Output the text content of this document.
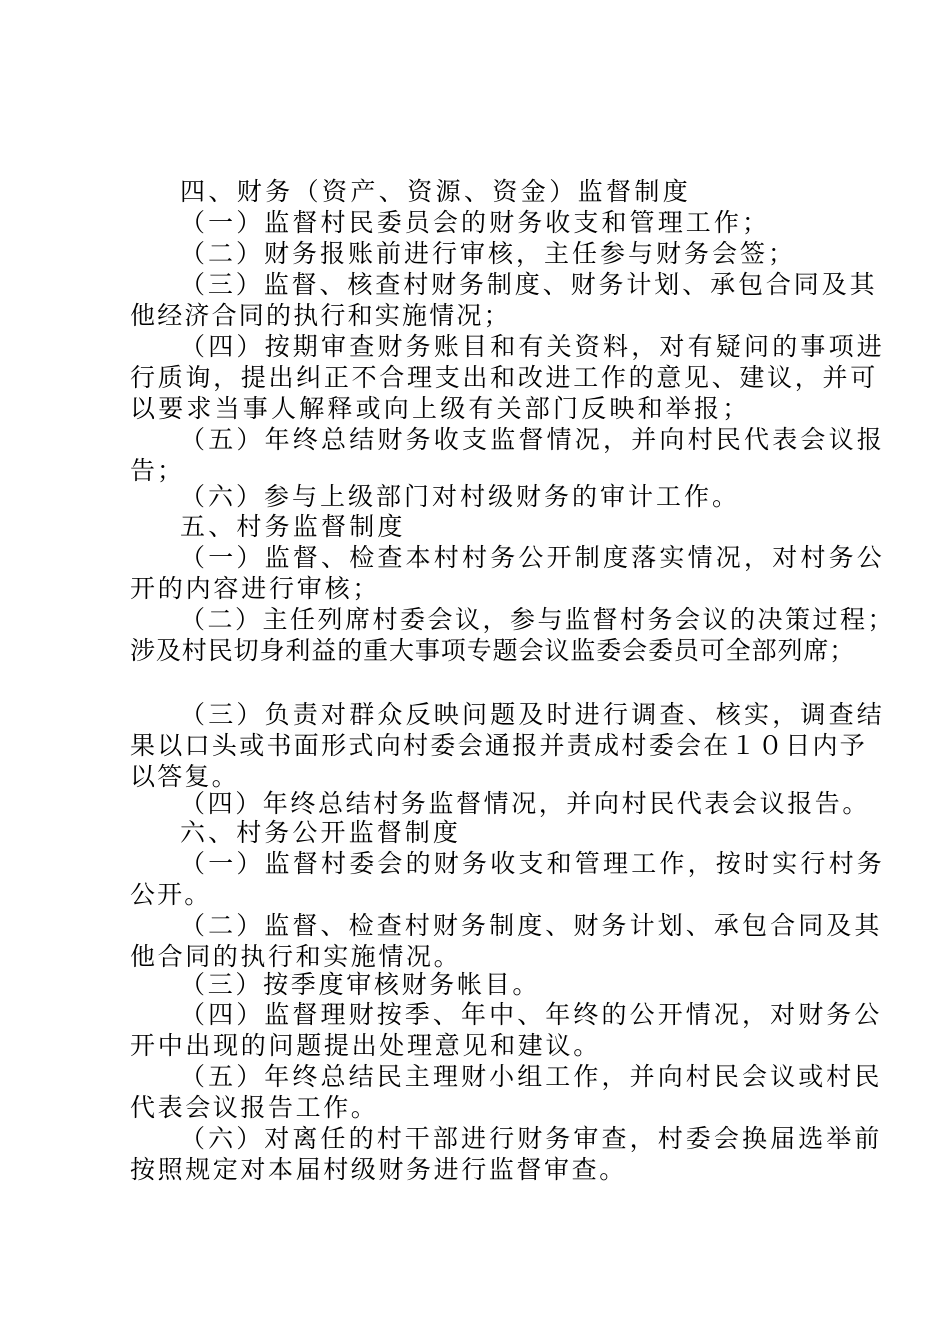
四、财务（资产、资源、资金）监督制度

（一）监督村民委员会的财务收支和管理工作；

（二）财务报账前进行审核，主任参与财务会签；

（三）监督、核查村财务制度、财务计划、承包合同及其

他经济合同的执行和实施情况；

（四）按期审查财务账目和有关资料，对有疑问的事项进

行质询，提出纠正不合理支出和改进工作的意见、建议，并可

以要求当事人解释或向上级有关部门反映和举报；

（五）年终总结财务收支监督情况，并向村民代表会议报

告；

（六）参与上级部门对村级财务的审计工作。

五、村务监督制度

（一）监督、检查本村村务公开制度落实情况，对村务公

开的内容进行审核；

（二）主任列席村委会议，参与监督村务会议的决策过程；

涉及村民切身利益的重大事项专题会议监委会委员可全部列席；

（三）负责对群众反映问题及时进行调查、核实，调查结

果以口头或书面形式向村委会通报并责成村委会在１０日内予

以答复。

（四）年终总结村务监督情况，并向村民代表会议报告。

六、村务公开监督制度

（一）监督村委会的财务收支和管理工作，按时实行村务

公开。

（二）监督、检查村财务制度、财务计划、承包合同及其

他合同的执行和实施情况。

（三）按季度审核财务帐目。

（四）监督理财按季、年中、年终的公开情况，对财务公

开中出现的问题提出处理意见和建议。

（五）年终总结民主理财小组工作，并向村民会议或村民

代表会议报告工作。

（六）对离任的村干部进行财务审查，村委会换届选举前

按照规定对本届村级财务进行监督审查。
